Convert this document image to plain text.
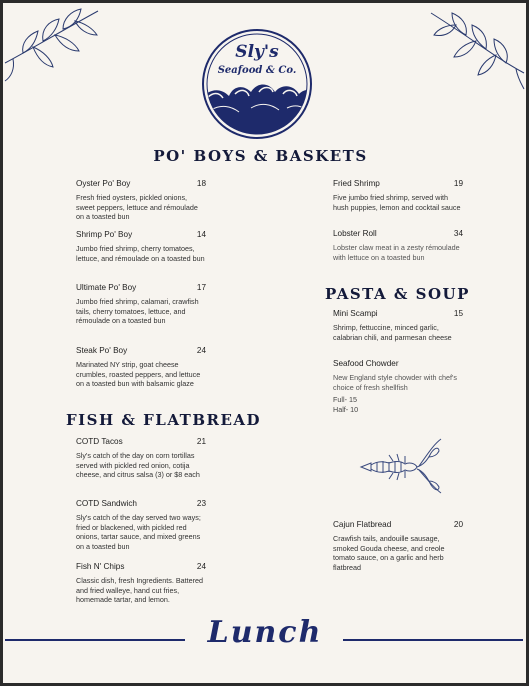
Sly's
Seafood & Co.
PO' BOYS & BASKETS
Oyster Po' Boy	18
Fresh fried oysters, pickled onions, sweet peppers, lettuce and rémoulade on a toasted bun
Shrimp Po' Boy	14
Jumbo fried shrimp, cherry tomatoes, lettuce, and rémoulade on a toasted bun
Ultimate Po' Boy	17
Jumbo fried shrimp, calamari, crawfish tails, cherry tomatoes, lettuce, and rémoulade on a toasted bun
Steak Po' Boy	24
Marinated NY strip, goat cheese crumbles, roasted peppers, and lettuce on a toasted bun with balsamic glaze
FISH & FLATBREAD
COTD Tacos	21
Sly's catch of the day on corn tortillas served with pickled red onion, cotija cheese, and citrus salsa (3) or $8 each
COTD Sandwich	23
Sly's catch of the day served two ways; fried or blackened, with pickled red onions, tartar sauce, and mixed greens on a toasted bun
Fish N' Chips	24
Classic dish, fresh Ingredients. Battered and fried walleye, hand cut fries, homemade tartar, and lemon.
Fried Shrimp	19
Five jumbo fried shrimp, served with hush puppies, lemon and cocktail sauce
Lobster Roll	34
Lobster claw meat in a zesty rémoulade with lettuce on a toasted bun
PASTA & SOUP
Mini Scampi	15
Shrimp, fettuccine, minced garlic, calabrian chili, and parmesan cheese
Seafood Chowder
New England style chowder with chef's choice of fresh shellfish
Full- 15
Half- 10
Cajun Flatbread	20
Crawfish tails, andouille sausage, smoked Gouda cheese, and creole tomato sauce, on a garlic and herb flatbread
Lunch
